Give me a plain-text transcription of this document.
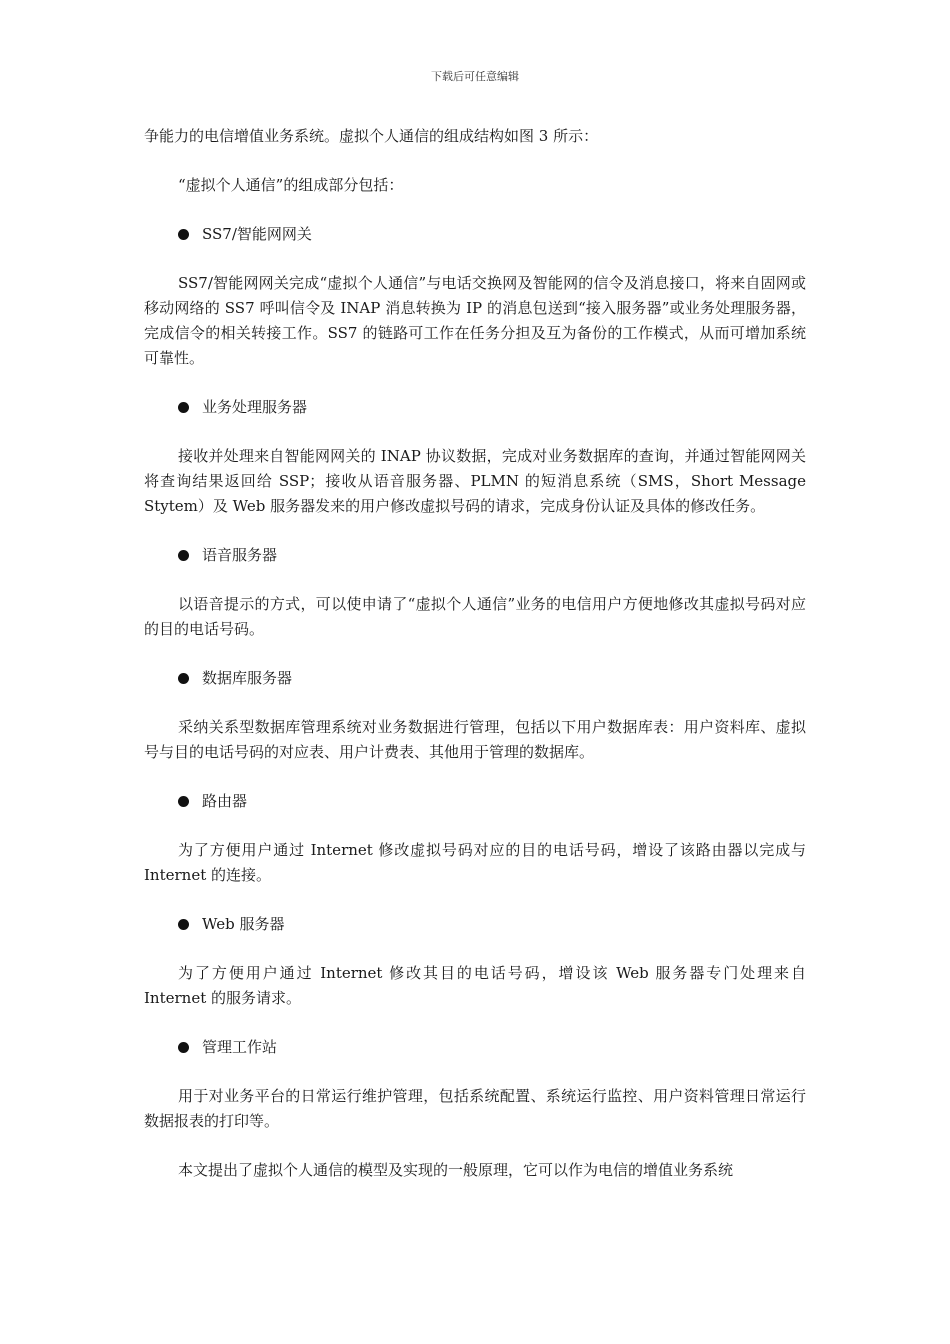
下载后可任意编辑

争能力的电信增值业务系统。虚拟个人通信的组成结构如图 3 所示：

“虚拟个人通信”的组成部分包括：

SS7/智能网网关

SS7/智能网网关完成“虚拟个人通信”与电话交换网及智能网的信令及消息接口，将来自固网或移动网络的 SS7 呼叫信令及 INAP 消息转换为 IP 的消息包送到“接入服务器”或业务处理服务器，完成信令的相关转接工作。SS7 的链路可工作在任务分担及互为备份的工作模式，从而可增加系统可靠性。

业务处理服务器

接收并处理来自智能网网关的 INAP 协议数据，完成对业务数据库的查询，并通过智能网网关将查询结果返回给 SSP；接收从语音服务器、PLMN 的短消息系统（SMS，Short Message Stytem）及 Web 服务器发来的用户修改虚拟号码的请求，完成身份认证及具体的修改任务。

语音服务器

以语音提示的方式，可以使申请了“虚拟个人通信”业务的电信用户方便地修改其虚拟号码对应的目的电话号码。

数据库服务器

采纳关系型数据库管理系统对业务数据进行管理，包括以下用户数据库表：用户资料库、虚拟号与目的电话号码的对应表、用户计费表、其他用于管理的数据库。

路由器

为了方便用户通过 Internet 修改虚拟号码对应的目的电话号码，增设了该路由器以完成与 Internet 的连接。

Web 服务器

为了方便用户通过 Internet 修改其目的电话号码，增设该 Web 服务器专门处理来自 Internet 的服务请求。

管理工作站

用于对业务平台的日常运行维护管理，包括系统配置、系统运行监控、用户资料管理日常运行数据报表的打印等。

本文提出了虚拟个人通信的模型及实现的一般原理，它可以作为电信的增值业务系统
